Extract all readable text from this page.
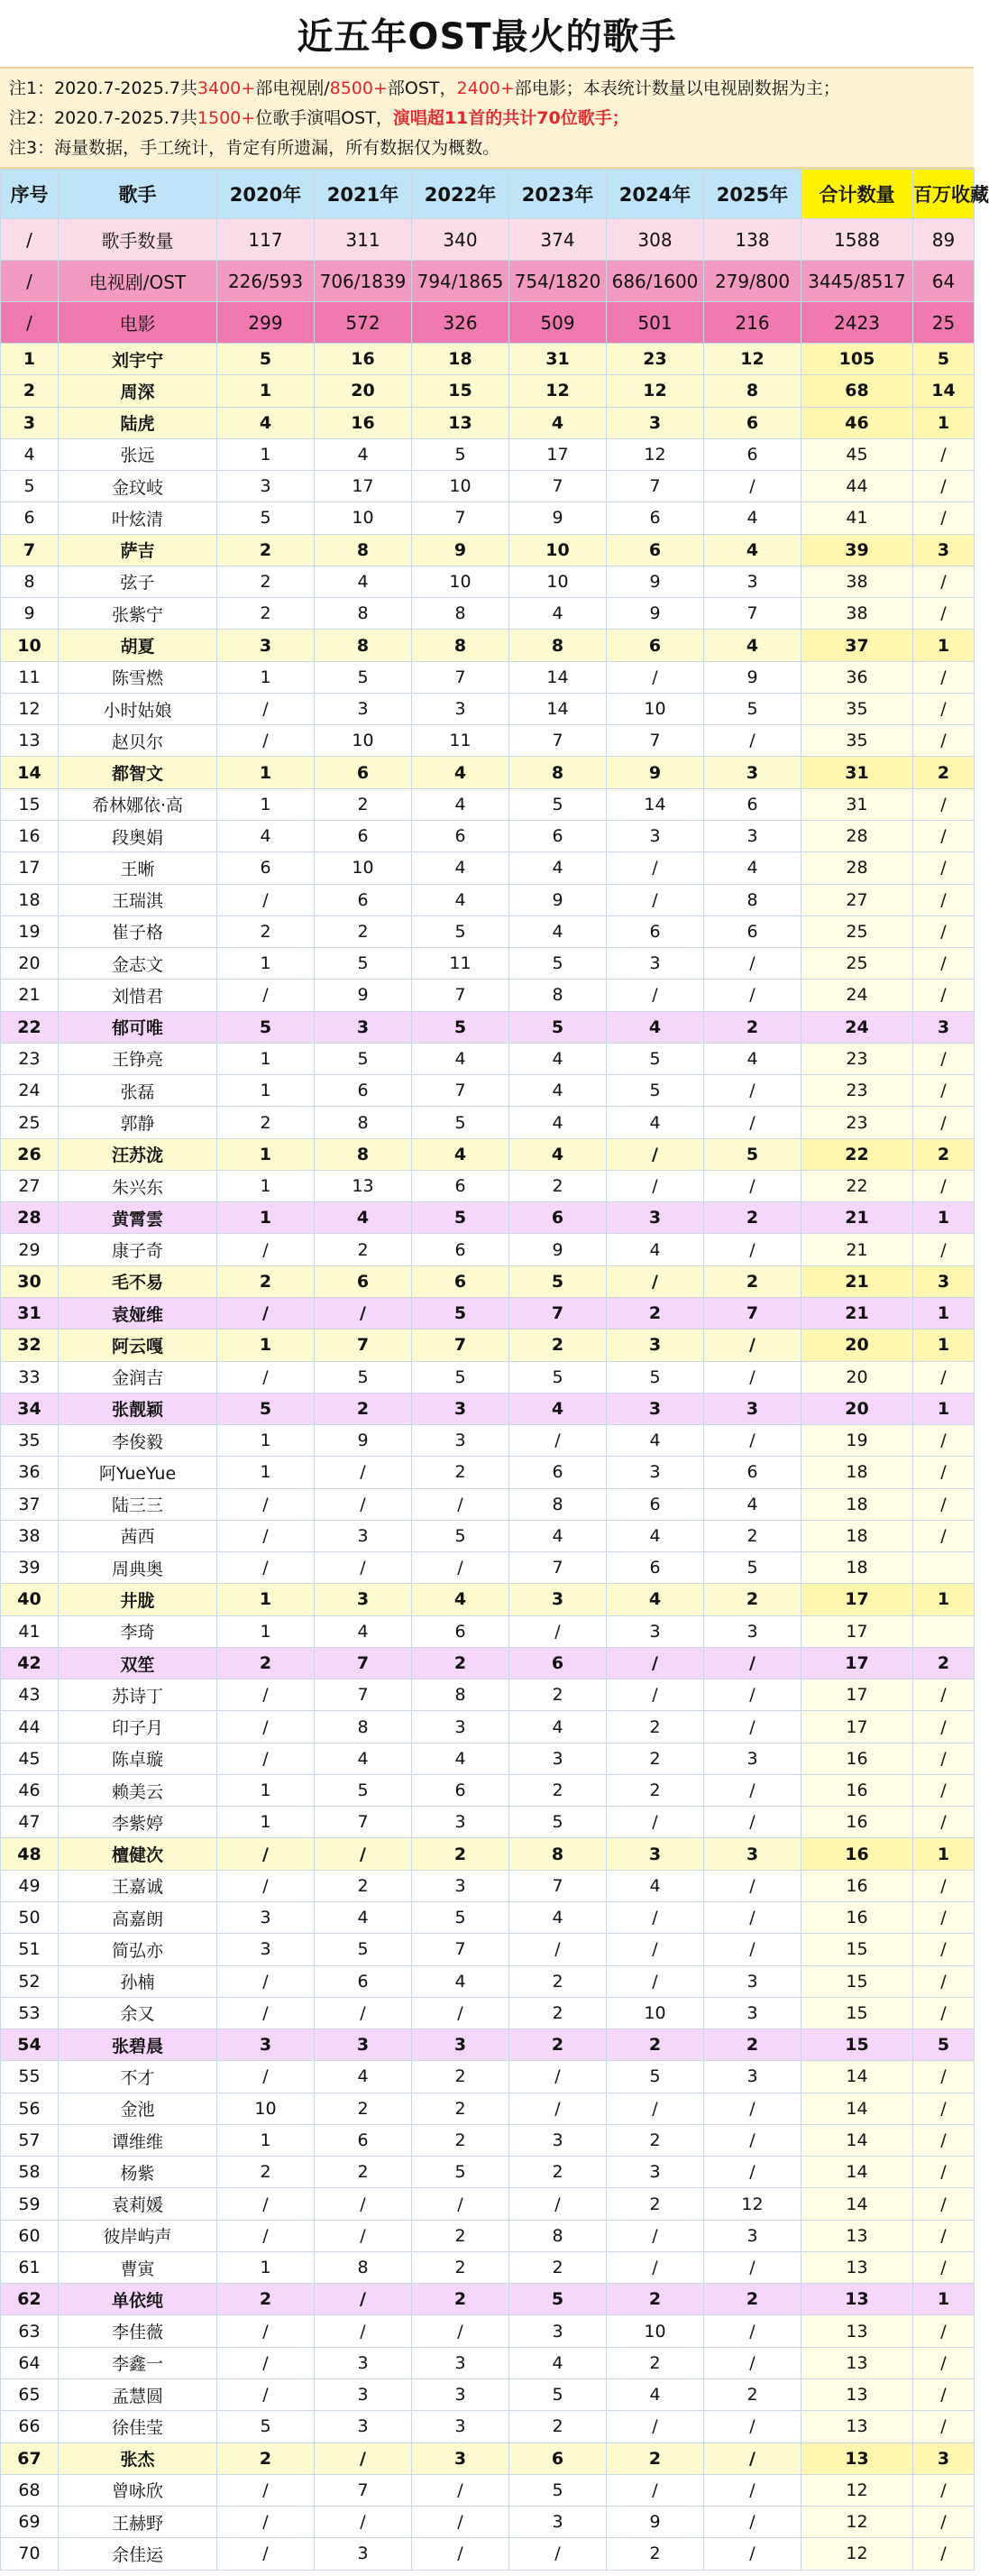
近五年OST最火的歌手
注1：2020.7-2025.7共3400+部电视剧/8500+部OST，2400+部电影；本表统计数量以电视剧数据为主；
注2：2020.7-2025.7共1500+位歌手演唱OST，演唱超11首的共计70位歌手；
注3：海量数据，手工统计，肯定有所遗漏，所有数据仅为概数。
序号	歌手	2020年	2021年	2022年	2023年	2024年	2025年	合计数量	百万收藏
/	歌手数量	117	311	340	374	308	138	1588	89
/	电视剧/OST	226/593	706/1839	794/1865	754/1820	686/1600	279/800	3445/8517	64
/	电影	299	572	326	509	501	216	2423	25
1	刘宇宁	5	16	18	31	23	12	105	5
2	周深	1	20	15	12	12	8	68	14
3	陆虎	4	16	13	4	3	6	46	1
4	张远	1	4	5	17	12	6	45	/
5	金玟岐	3	17	10	7	7	/	44	/
6	叶炫清	5	10	7	9	6	4	41	/
7	萨吉	2	8	9	10	6	4	39	3
8	弦子	2	4	10	10	9	3	38	/
9	张紫宁	2	8	8	4	9	7	38	/
10	胡夏	3	8	8	8	6	4	37	1
11	陈雪燃	1	5	7	14	/	9	36	/
12	小时姑娘	/	3	3	14	10	5	35	/
13	赵贝尔	/	10	11	7	7	/	35	/
14	都智文	1	6	4	8	9	3	31	2
15	希林娜依·高	1	2	4	5	14	6	31	/
16	段奥娟	4	6	6	6	3	3	28	/
17	王晰	6	10	4	4	/	4	28	/
18	王瑞淇	/	6	4	9	/	8	27	/
19	崔子格	2	2	5	4	6	6	25	/
20	金志文	1	5	11	5	3	/	25	/
21	刘惜君	/	9	7	8	/	/	24	/
22	郁可唯	5	3	5	5	4	2	24	3
23	王铮亮	1	5	4	4	5	4	23	/
24	张磊	1	6	7	4	5	/	23	/
25	郭静	2	8	5	4	4	/	23	/
26	汪苏泷	1	8	4	4	/	5	22	2
27	朱兴东	1	13	6	2	/	/	22	/
28	黄霄雲	1	4	5	6	3	2	21	1
29	康子奇	/	2	6	9	4	/	21	/
30	毛不易	2	6	6	5	/	2	21	3
31	袁娅维	/	/	5	7	2	7	21	1
32	阿云嘎	1	7	7	2	3	/	20	1
33	金润吉	/	5	5	5	5	/	20	/
34	张靓颖	5	2	3	4	3	3	20	1
35	李俊毅	1	9	3	/	4	/	19	/
36	阿YueYue	1	/	2	6	3	6	18	/
37	陆三三	/	/	/	8	6	4	18	/
38	茜西	/	3	5	4	4	2	18	/
39	周典奥	/	/	/	7	6	5	18	
40	井胧	1	3	4	3	4	2	17	1
41	李琦	1	4	6	/	3	3	17	
42	双笙	2	7	2	6	/	/	17	2
43	苏诗丁	/	7	8	2	/	/	17	/
44	印子月	/	8	3	4	2	/	17	/
45	陈卓璇	/	4	4	3	2	3	16	/
46	赖美云	1	5	6	2	2	/	16	/
47	李紫婷	1	7	3	5	/	/	16	/
48	檀健次	/	/	2	8	3	3	16	1
49	王嘉诚	/	2	3	7	4	/	16	/
50	高嘉朗	3	4	5	4	/	/	16	/
51	简弘亦	3	5	7	/	/	/	15	/
52	孙楠	/	6	4	2	/	3	15	/
53	余又	/	/	/	2	10	3	15	/
54	张碧晨	3	3	3	2	2	2	15	5
55	不才	/	4	2	/	5	3	14	/
56	金池	10	2	2	/	/	/	14	/
57	谭维维	1	6	2	3	2	/	14	/
58	杨紫	2	2	5	2	3	/	14	/
59	袁莉媛	/	/	/	/	2	12	14	/
60	彼岸屿声	/	/	2	8	/	3	13	/
61	曹寅	1	8	2	2	/	/	13	/
62	单依纯	2	/	2	5	2	2	13	1
63	李佳薇	/	/	/	3	10	/	13	/
64	李鑫一	/	3	3	4	2	/	13	/
65	孟慧圆	/	3	3	5	4	2	13	/
66	徐佳莹	5	3	3	2	/	/	13	/
67	张杰	2	/	3	6	2	/	13	3
68	曾咏欣	/	7	/	5	/	/	12	/
69	王赫野	/	/	/	3	9	/	12	/
70	余佳运	/	3	/	/	2	/	12	/
